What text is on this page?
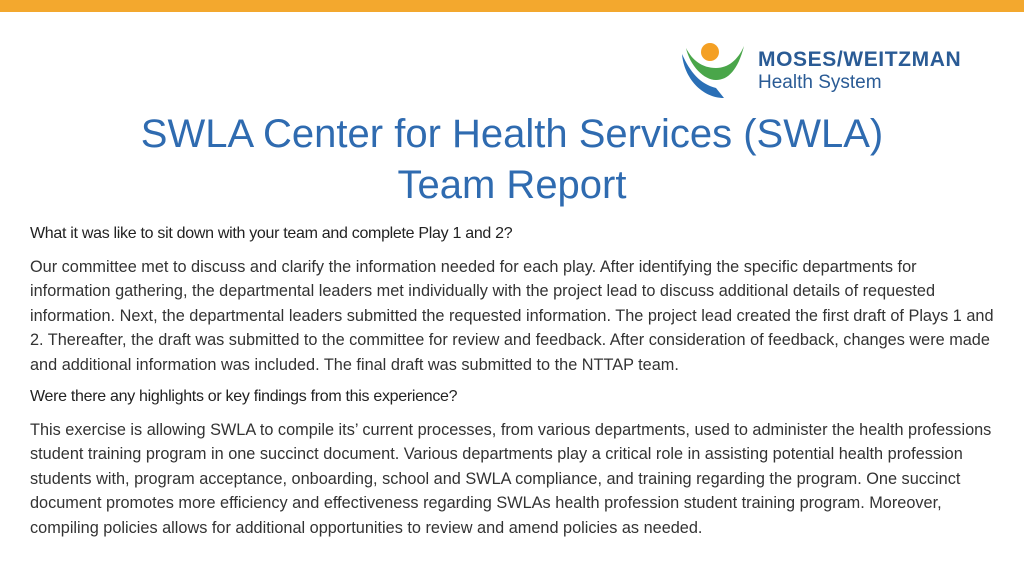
MOSES/WEITZMAN
Health System
SWLA Center for Health Services (SWLA)
Team Report
What it was like to sit down with your team and complete Play 1 and 2?
Our committee met to discuss and clarify the information needed for each play. After identifying the specific departments for information gathering, the departmental leaders met individually with the project lead to discuss additional details of requested information. Next, the departmental leaders submitted the requested information. The project lead created the first draft of Plays 1 and 2. Thereafter, the draft was submitted to the committee for review and feedback. After consideration of feedback, changes were made and additional information was included. The final draft was submitted to the NTTAP team.
Were there any highlights or key findings from this experience?
This exercise is allowing SWLA to compile its’ current processes, from various departments, used to administer the health professions student training program in one succinct document. Various departments play a critical role in assisting potential health profession students with, program acceptance, onboarding, school and SWLA compliance, and training regarding the program. One succinct document promotes more efficiency and effectiveness regarding SWLAs health profession student training program. Moreover, compiling policies allows for additional opportunities to review and amend policies as needed.
